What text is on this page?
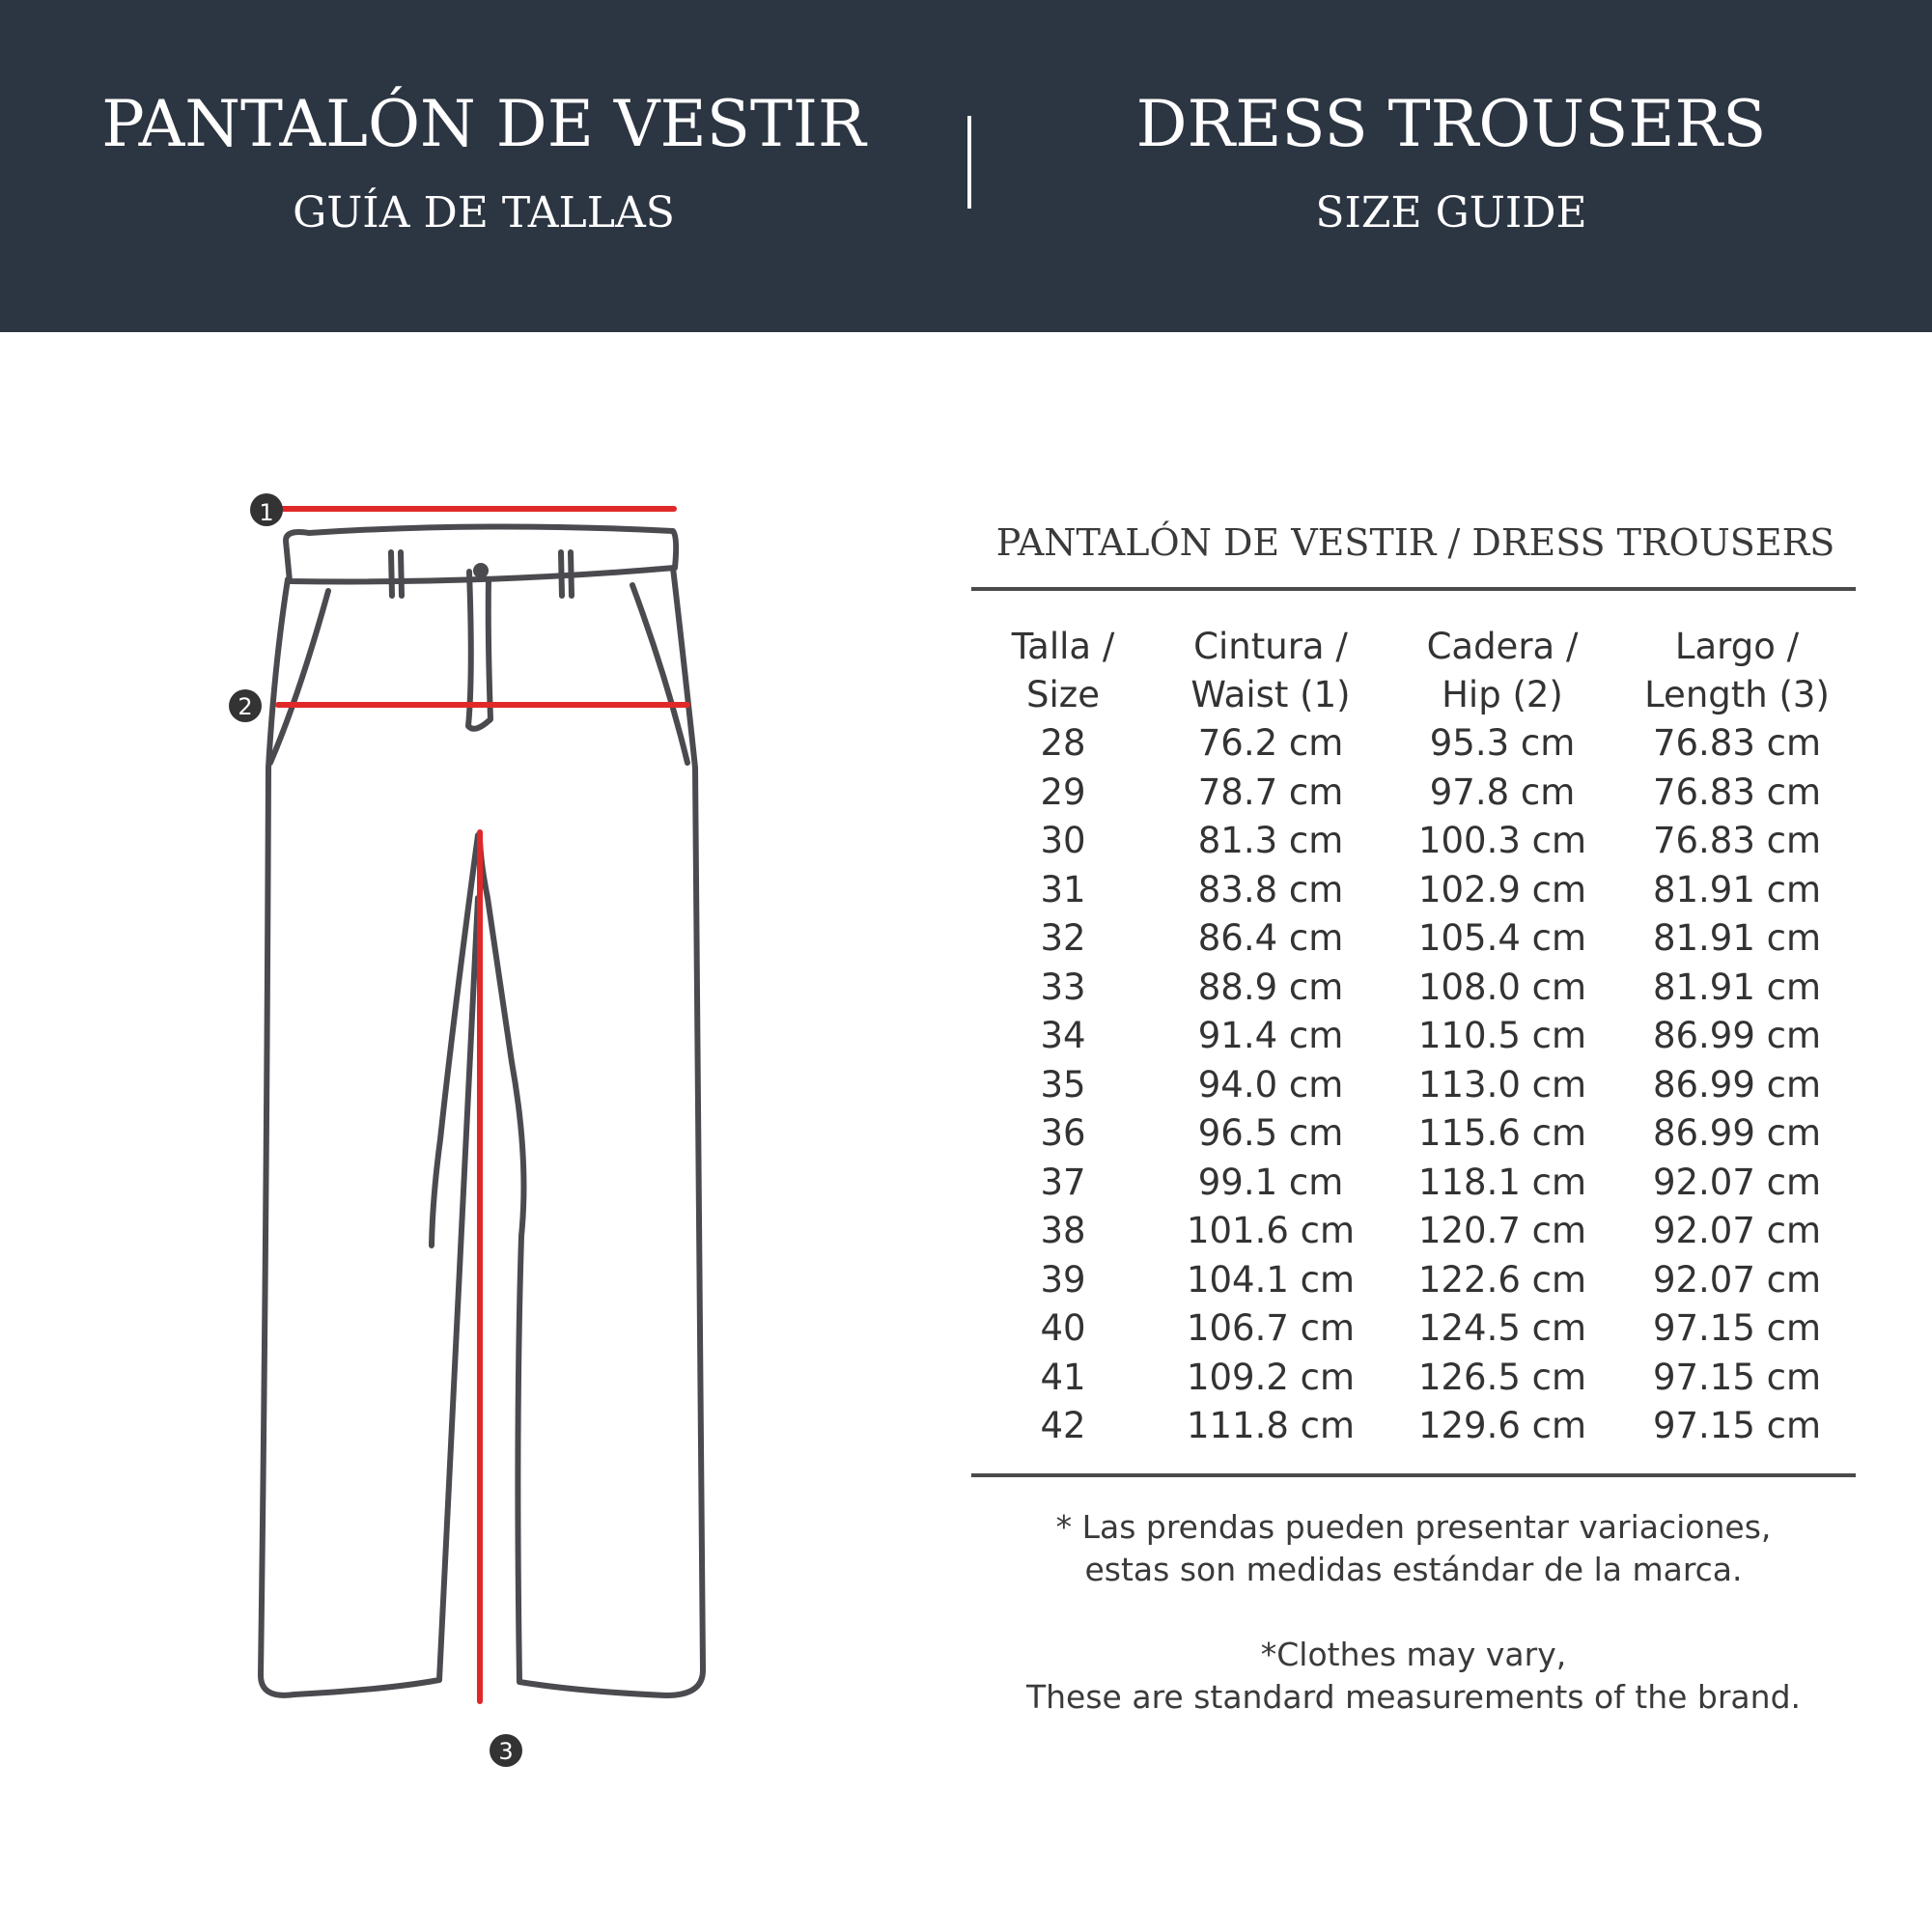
PANTALÓN DE VESTIR
GUÍA DE TALLAS
DRESS TROUSERS
SIZE GUIDE
1
2
3
PANTALÓN DE VESTIR / DRESS TROUSERS
Talla /	Cintura /	Cadera /	Largo /
Size	Waist (1)	Hip (2)	Length (3)
28	76.2 cm	95.3 cm	76.83 cm
29	78.7 cm	97.8 cm	76.83 cm
30	81.3 cm	100.3 cm	76.83 cm
31	83.8 cm	102.9 cm	81.91 cm
32	86.4 cm	105.4 cm	81.91 cm
33	88.9 cm	108.0 cm	81.91 cm
34	91.4 cm	110.5 cm	86.99 cm
35	94.0 cm	113.0 cm	86.99 cm
36	96.5 cm	115.6 cm	86.99 cm
37	99.1 cm	118.1 cm	92.07 cm
38	101.6 cm	120.7 cm	92.07 cm
39	104.1 cm	122.6 cm	92.07 cm
40	106.7 cm	124.5 cm	97.15 cm
41	109.2 cm	126.5 cm	97.15 cm
42	111.8 cm	129.6 cm	97.15 cm
* Las prendas pueden presentar variaciones,
estas son medidas estándar de la marca.
*Clothes may vary,
These are standard measurements of the brand.
